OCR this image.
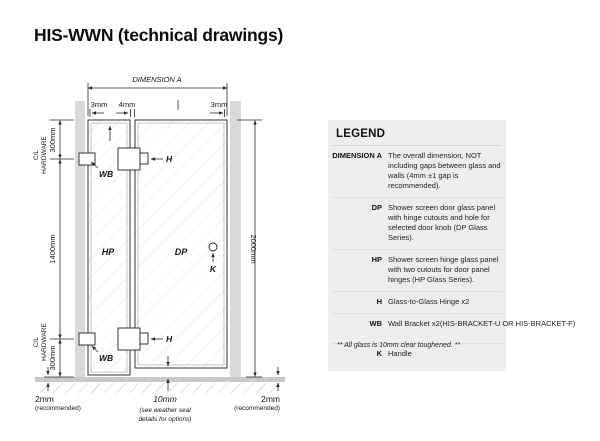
HIS-WWN (technical drawings)
DIMENSION A
3mm 4mm	3mm
300mm
C/L HARDWARE
1400mm
C/L HARDWARE 300mm
2000mm
WB
WB
H
H
HP	DP
K
2mm
(recommended)
10mm
(see weather seal
details for options)
2mm
(recommended)
LEGEND
DIMENSION A The overall dimension, NOT including gaps between glass and walls (4mm ±1 gap is recommended).
DP Shower screen door glass panel with hinge cutouts and hole for selected door knob (DP Glass Series).
HP Shower screen hinge glass panel with two cutouts for door panel hinges (HP Glass Series).
H Glass-to-Glass Hinge x2
WB Wall Bracket x2(HIS-BRACKET-U OR HIS-BRACKET-F)
K Handle
** All glass is 10mm clear toughened. **
